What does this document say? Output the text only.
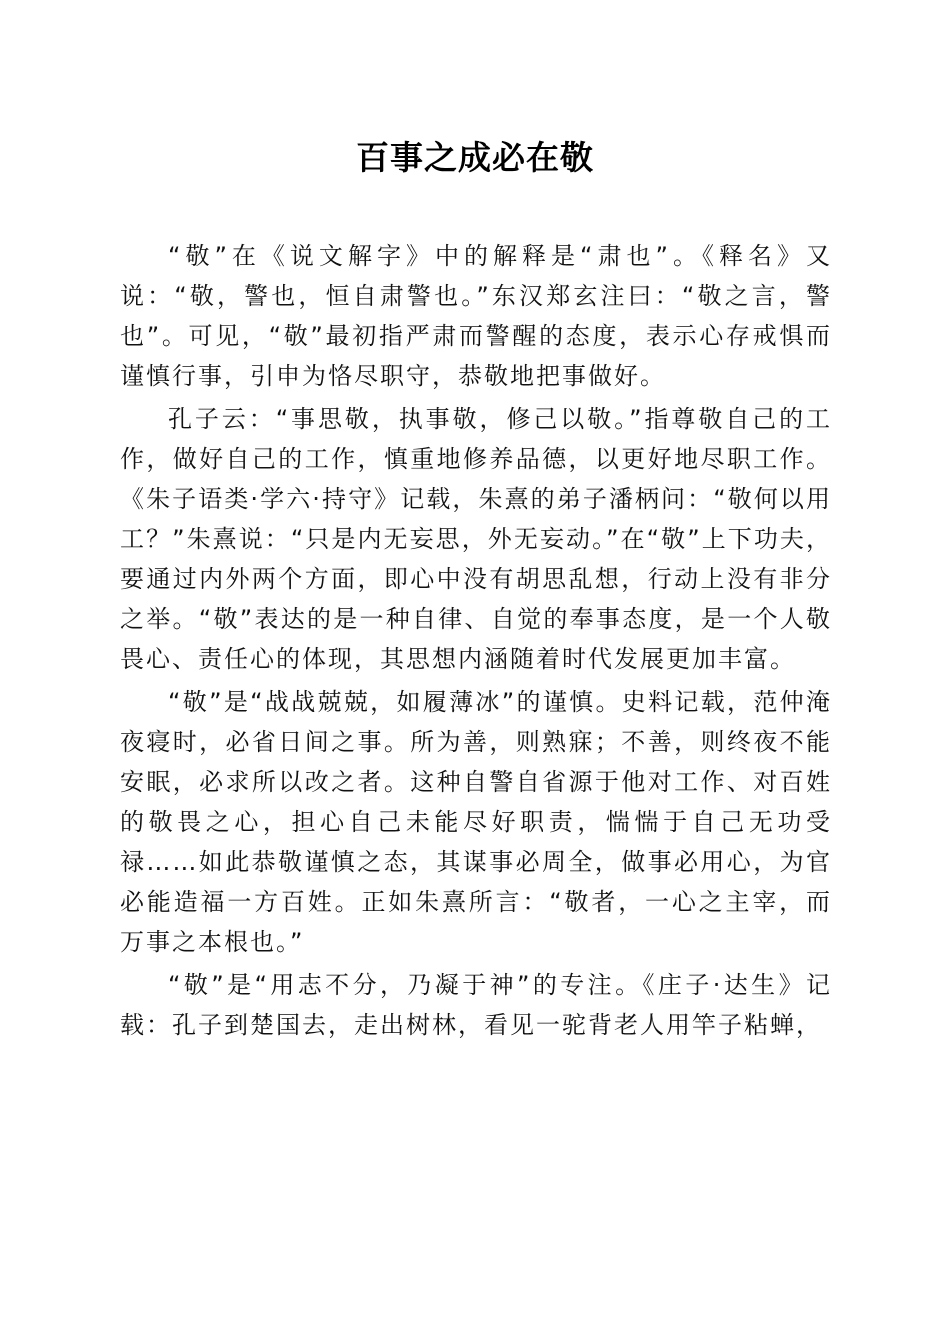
百事之成必在敬

“敬”在《说文解字》中的解释是“肃也”。《释名》又说：“敬，警也，恒自肃警也。”东汉郑玄注曰：“敬之言，警也”。可见，“敬”最初指严肃而警醒的态度，表示心存戒惧而谨慎行事，引申为恪尽职守，恭敬地把事做好。

孔子云：“事思敬，执事敬，修己以敬。”指尊敬自己的工作，做好自己的工作，慎重地修养品德，以更好地尽职工作。《朱子语类·学六·持守》记载，朱熹的弟子潘柄问：“敬何以用工？”朱熹说：“只是内无妄思，外无妄动。”在“敬”上下功夫，要通过内外两个方面，即心中没有胡思乱想，行动上没有非分之举。“敬”表达的是一种自律、自觉的奉事态度，是一个人敬畏心、责任心的体现，其思想内涵随着时代发展更加丰富。

“敬”是“战战兢兢，如履薄冰”的谨慎。史料记载，范仲淹夜寝时，必省日间之事。所为善，则熟寐；不善，则终夜不能安眠，必求所以改之者。这种自警自省源于他对工作、对百姓的敬畏之心，担心自己未能尽好职责，惴惴于自己无功受禄……如此恭敬谨慎之态，其谋事必周全，做事必用心，为官必能造福一方百姓。正如朱熹所言：“敬者，一心之主宰，而万事之本根也。”

“敬”是“用志不分，乃凝于神”的专注。《庄子·达生》记载：孔子到楚国去，走出树林，看见一驼背老人用竿子粘蝉，
